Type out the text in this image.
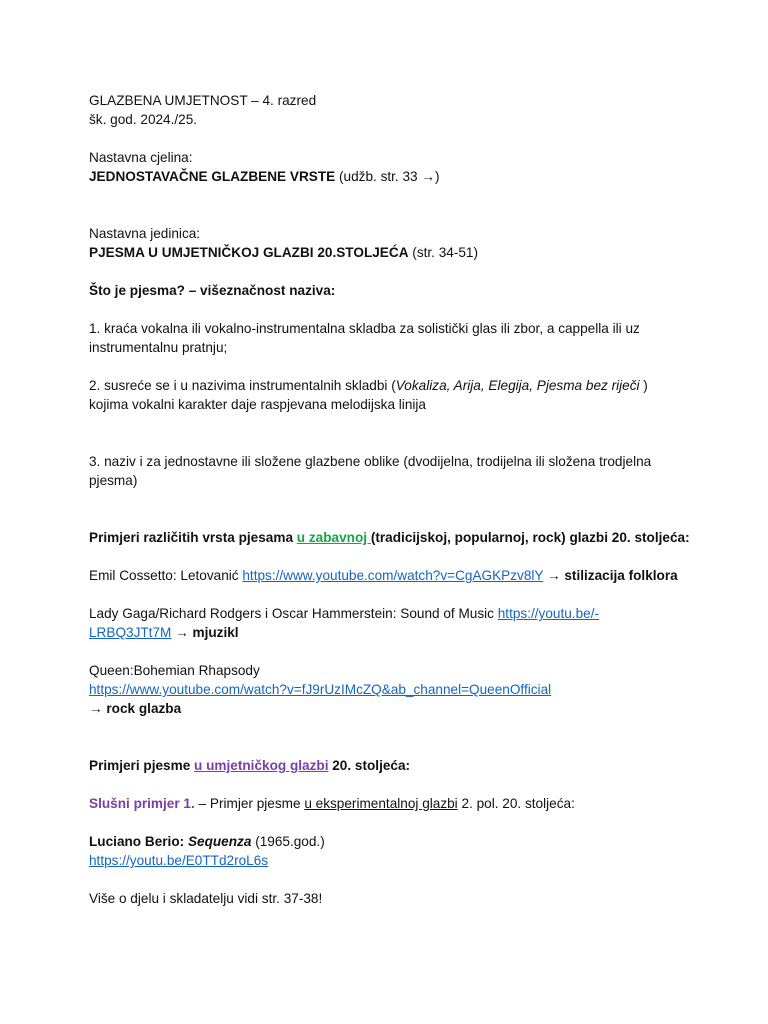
GLAZBENA UMJETNOST – 4. razred
šk. god. 2024./25.
Nastavna cjelina:
JEDNOSTAVAČNE GLAZBENE VRSTE (udžb. str. 33 →)
Nastavna jedinica:
PJESMA U UMJETNIČKOJ GLAZBI 20.STOLJEĆA (str. 34-51)
Što je pjesma? – višeznačnost naziva:
1. kraća vokalna ili vokalno-instrumentalna skladba za solistički glas ili zbor, a cappella ili uz
instrumentalnu pratnju;
2. susreće se i u nazivima instrumentalnih skladbi (Vokaliza, Arija, Elegija, Pjesma bez riječi )
kojima vokalni karakter daje raspjevana melodijska linija
3. naziv i za jednostavne ili složene glazbene oblike (dvodijelna, trodijelna ili složena trodjelna
pjesma)
Primjeri različitih vrsta pjesama u zabavnoj (tradicijskoj, popularnoj, rock) glazbi 20. stoljeća:
Emil Cossetto: Letovanić https://www.youtube.com/watch?v=CgAGKPzv8lY → stilizacija folklora
Lady Gaga/Richard Rodgers i Oscar Hammerstein: Sound of Music https://youtu.be/-
LRBQ3JTt7M → mjuzikl
Queen:Bohemian Rhapsody
https://www.youtube.com/watch?v=fJ9rUzIMcZQ&ab_channel=QueenOfficial
→ rock glazba
Primjeri pjesme u umjetničkog glazbi 20. stoljeća:
Slušni primjer 1. – Primjer pjesme u eksperimentalnoj glazbi 2. pol. 20. stoljeća:
Luciano Berio: Sequenza (1965.god.)
https://youtu.be/E0TTd2roL6s
Više o djelu i skladatelju vidi str. 37-38!
